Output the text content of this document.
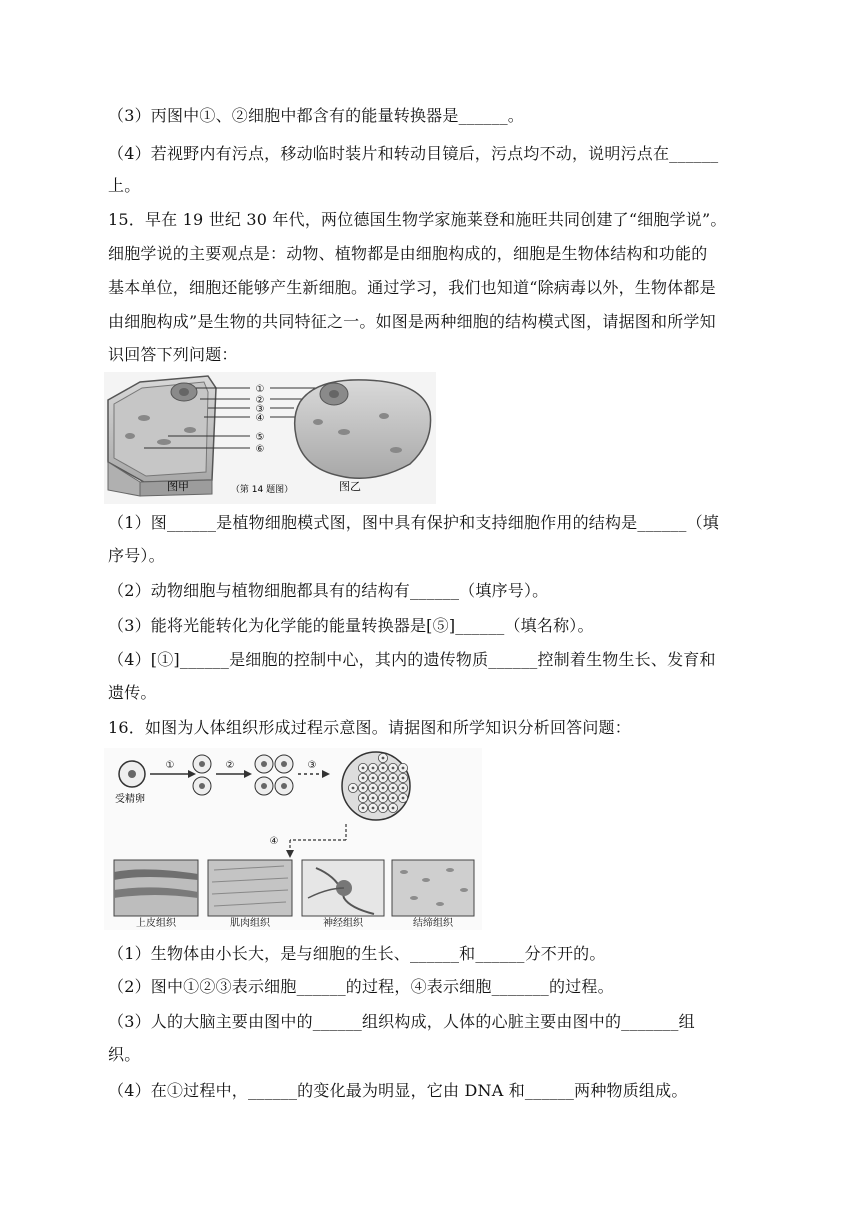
（3）丙图中①、②细胞中都含有的能量转换器是______。
（4）若视野内有污点，移动临时装片和转动目镜后，污点均不动，说明污点在______
上。
15．早在 19 世纪 30 年代，两位德国生物学家施莱登和施旺共同创建了“细胞学说”。
细胞学说的主要观点是：动物、植物都是由细胞构成的，细胞是生物体结构和功能的
基本单位，细胞还能够产生新细胞。通过学习，我们也知道“除病毒以外，生物体都是
由细胞构成”是生物的共同特征之一。如图是两种细胞的结构模式图，请据图和所学知
识回答下列问题：
①
②
③
④
⑤
⑥
图甲	（第 14 题图）	图乙
（1）图______是植物细胞模式图，图中具有保护和支持细胞作用的结构是______（填
序号）。
（2）动物细胞与植物细胞都具有的结构有______（填序号）。
（3）能将光能转化为化学能的能量转换器是[⑤]______（填名称）。
（4）[①]______是细胞的控制中心，其内的遗传物质______控制着生物生长、发育和
遗传。
16．如图为人体组织形成过程示意图。请据图和所学知识分析回答问题：
受精卵
①	②	③
④
上皮组织	肌肉组织	神经组织	结缔组织
（1）生物体由小长大，是与细胞的生长、______和______分不开的。
（2）图中①②③表示细胞______的过程，④表示细胞_______的过程。
（3）人的大脑主要由图中的______组织构成，人体的心脏主要由图中的_______组
织。
（4）在①过程中，______的变化最为明显，它由 DNA 和______两种物质组成。
